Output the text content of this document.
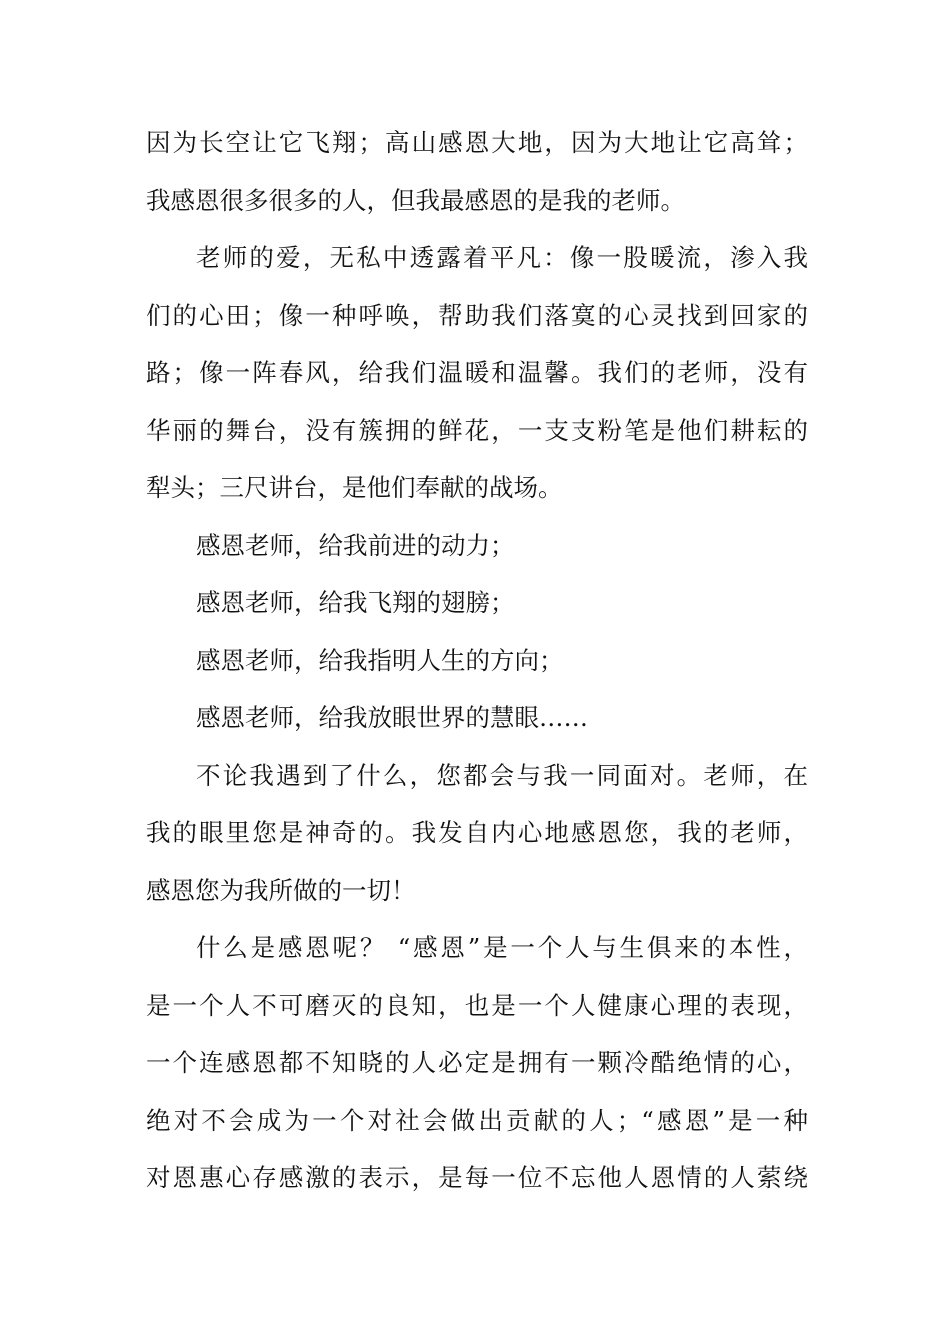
因为长空让它飞翔；高山感恩大地，因为大地让它高耸；
我感恩很多很多的人，但我最感恩的是我的老师。
老师的爱，无私中透露着平凡：像一股暖流，渗入我
们的心田；像一种呼唤，帮助我们落寞的心灵找到回家的
路；像一阵春风，给我们温暖和温馨。我们的老师，没有
华丽的舞台，没有簇拥的鲜花，一支支粉笔是他们耕耘的
犁头；三尺讲台，是他们奉献的战场。
感恩老师，给我前进的动力；
感恩老师，给我飞翔的翅膀；
感恩老师，给我指明人生的方向；
感恩老师，给我放眼世界的慧眼……
不论我遇到了什么，您都会与我一同面对。老师，在
我的眼里您是神奇的。我发自内心地感恩您，我的老师，
感恩您为我所做的一切！
什么是感恩呢？ “感恩”是一个人与生俱来的本性，
是一个人不可磨灭的良知，也是一个人健康心理的表现，
一个连感恩都不知晓的人必定是拥有一颗冷酷绝情的心，
绝对不会成为一个对社会做出贡献的人；“感恩”是一种
对恩惠心存感激的表示，是每一位不忘他人恩情的人萦绕
